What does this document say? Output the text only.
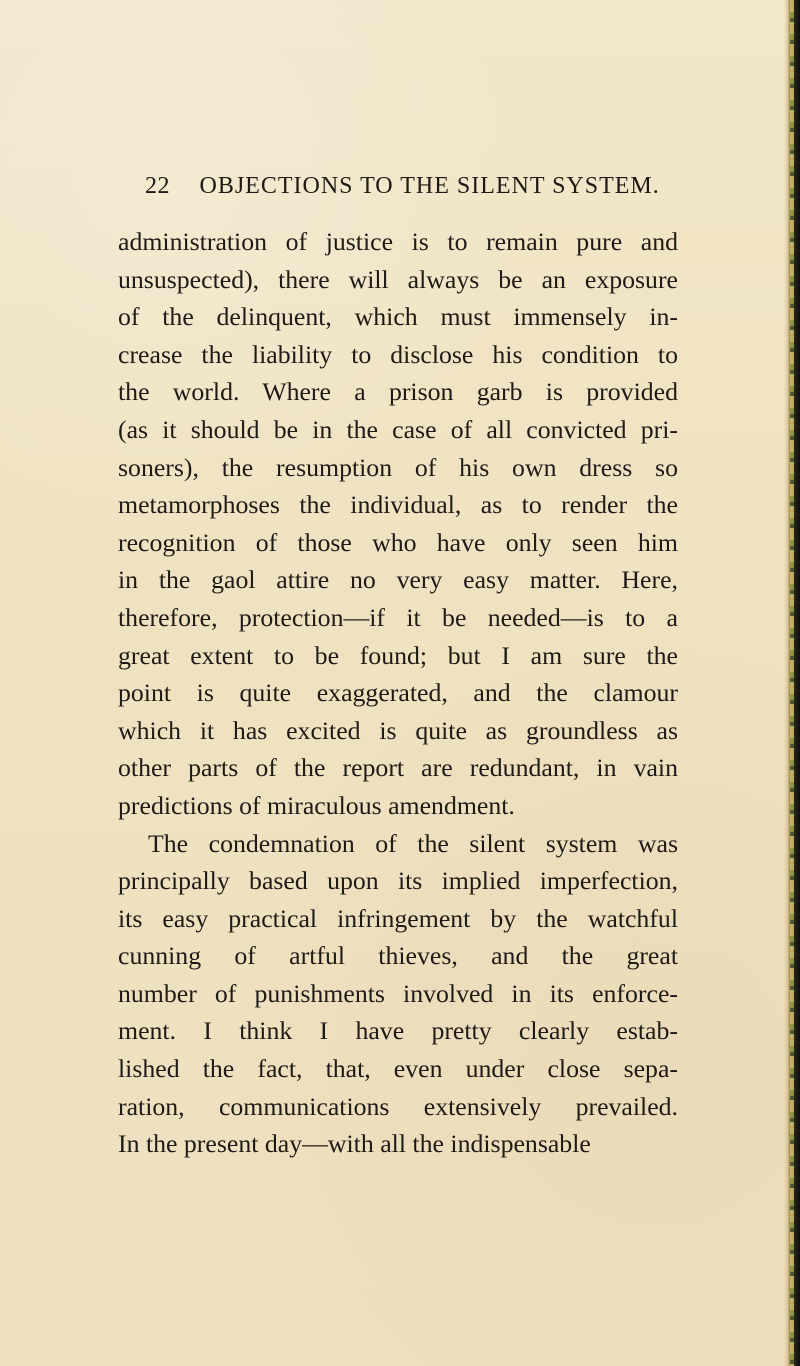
22 OBJECTIONS TO THE SILENT SYSTEM.
administration of justice is to remain pure and
unsuspected), there will always be an exposure
of the delinquent, which must immensely in-
crease the liability to disclose his condition to
the world. Where a prison garb is provided
(as it should be in the case of all convicted pri-
soners), the resumption of his own dress so
metamorphoses the individual, as to render the
recognition of those who have only seen him
in the gaol attire no very easy matter. Here,
therefore, protection—if it be needed—is to a
great extent to be found; but I am sure the
point is quite exaggerated, and the clamour
which it has excited is quite as groundless as
other parts of the report are redundant, in vain
predictions of miraculous amendment.
The condemnation of the silent system was
principally based upon its implied imperfection,
its easy practical infringement by the watchful
cunning of artful thieves, and the great
number of punishments involved in its enforce-
ment. I think I have pretty clearly estab-
lished the fact, that, even under close sepa-
ration, communications extensively prevailed.
In the present day—with all the indispensable
